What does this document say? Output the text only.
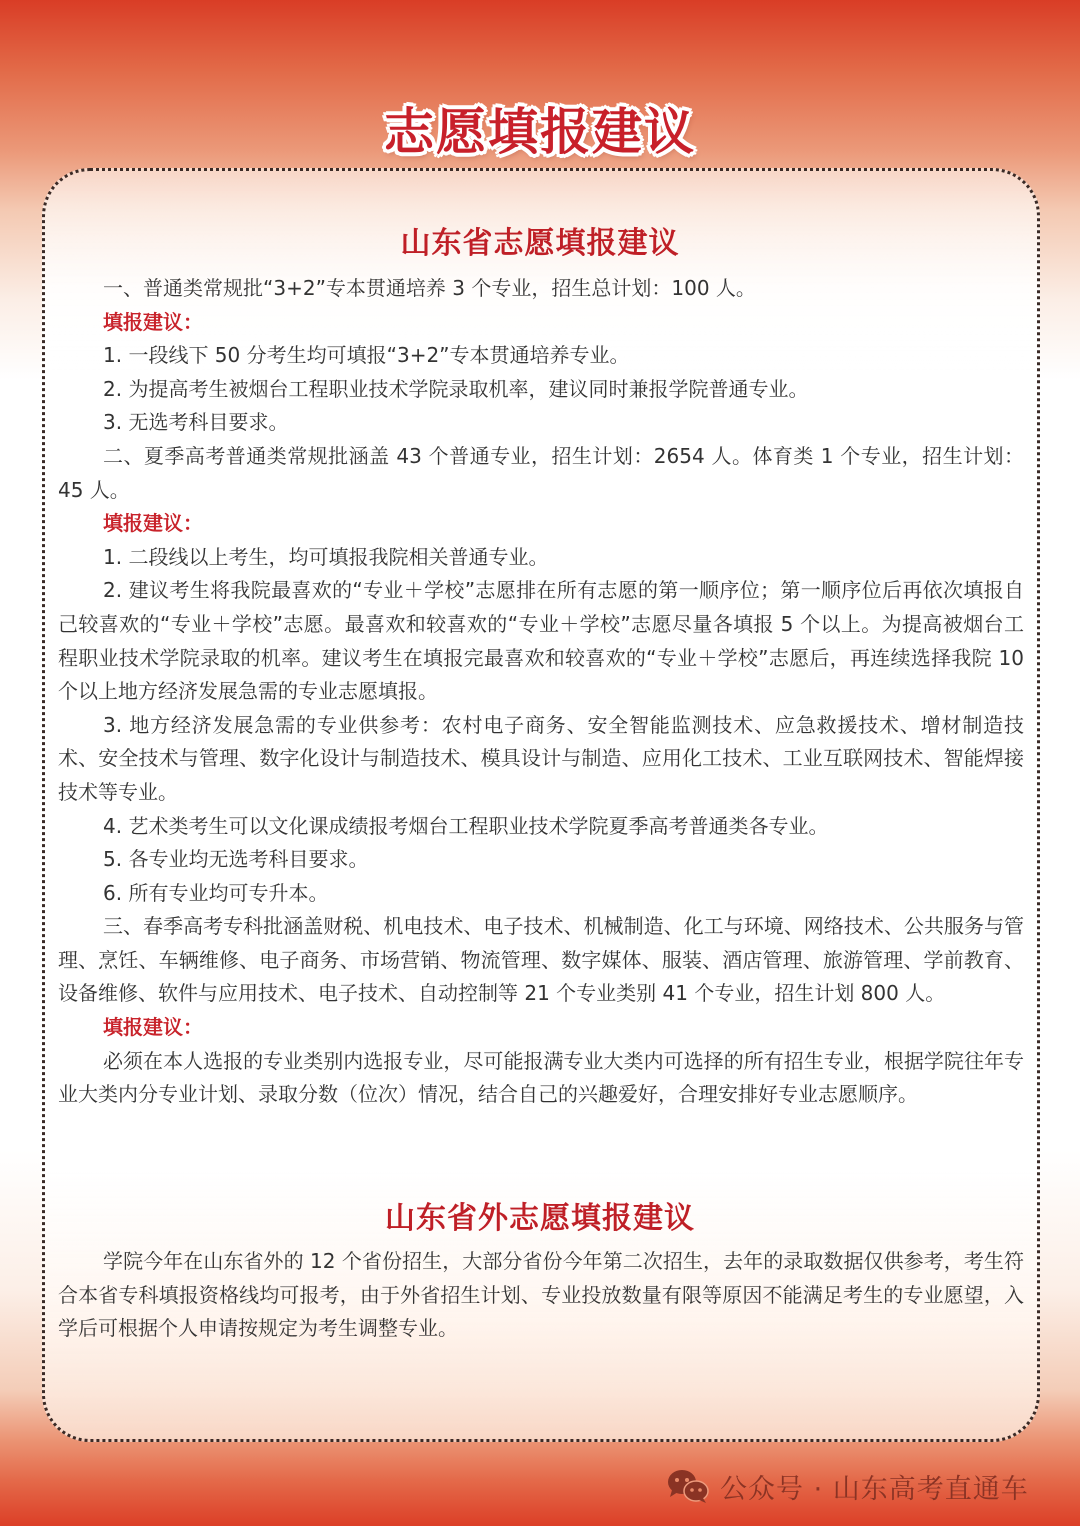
志愿填报建议
山东省志愿填报建议

一、普通类常规批“3+2”专本贯通培养 3 个专业，招生总计划：100 人。

填报建议：

1. 一段线下 50 分考生均可填报“3+2”专本贯通培养专业。

2. 为提高考生被烟台工程职业技术学院录取机率，建议同时兼报学院普通专业。

3. 无选考科目要求。

二、夏季高考普通类常规批涵盖 43 个普通专业，招生计划：2654 人。体育类 1 个专业，招生计划：45 人。

填报建议：

1. 二段线以上考生，均可填报我院相关普通专业。

2. 建议考生将我院最喜欢的“专业＋学校”志愿排在所有志愿的第一顺序位；第一顺序位后再依次填报自己较喜欢的“专业＋学校”志愿。最喜欢和较喜欢的“专业＋学校”志愿尽量各填报 5 个以上。为提高被烟台工程职业技术学院录取的机率。建议考生在填报完最喜欢和较喜欢的“专业＋学校”志愿后，再连续选择我院 10 个以上地方经济发展急需的专业志愿填报。

3. 地方经济发展急需的专业供参考：农村电子商务、安全智能监测技术、应急救援技术、增材制造技术、安全技术与管理、数字化设计与制造技术、模具设计与制造、应用化工技术、工业互联网技术、智能焊接技术等专业。

4. 艺术类考生可以文化课成绩报考烟台工程职业技术学院夏季高考普通类各专业。

5. 各专业均无选考科目要求。

6. 所有专业均可专升本。

三、春季高考专科批涵盖财税、机电技术、电子技术、机械制造、化工与环境、网络技术、公共服务与管理、烹饪、车辆维修、电子商务、市场营销、物流管理、数字媒体、服装、酒店管理、旅游管理、学前教育、设备维修、软件与应用技术、电子技术、自动控制等 21 个专业类别 41 个专业，招生计划 800 人。

填报建议：

必须在本人选报的专业类别内选报专业，尽可能报满专业大类内可选择的所有招生专业，根据学院往年专业大类内分专业计划、录取分数（位次）情况，结合自己的兴趣爱好，合理安排好专业志愿顺序。

山东省外志愿填报建议

学院今年在山东省外的 12 个省份招生，大部分省份今年第二次招生，去年的录取数据仅供参考，考生符合本省专科填报资格线均可报考，由于外省招生计划、专业投放数量有限等原因不能满足考生的专业愿望，入学后可根据个人申请按规定为考生调整专业。

公众号 · 山东高考直通车
